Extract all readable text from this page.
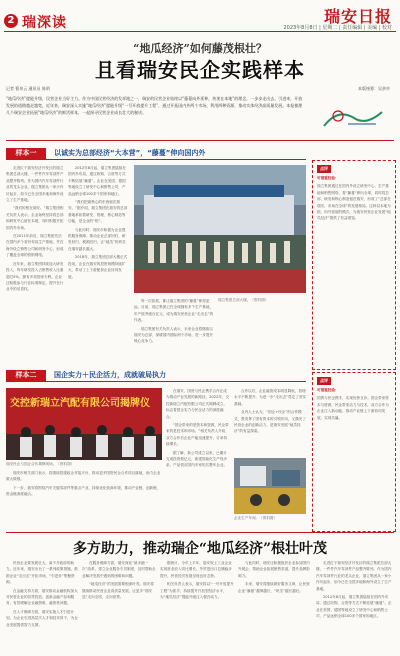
2 瑞深读	瑞安日报
2023年8月8日 | 星期二 | 责任编辑 | 美编 | 校对
“地瓜经济”如何藤茂根壮？
且看瑞安民企实践样本
记者 曹泉云 通讯员 陈明	本版统筹：吴余亭
“地瓜经济”提能升级，民营企业当好主力。作为中国民营经济的发祥地之一，瑞安的民营企业始终以“藤蔓向外延伸，块茎在本地”的理念，一步步走出去、引进来，开放发展的道路越走越宽。近年来，瑞安深入实施“地瓜经济”提能升级“一号开放提升工程”，通过开拓国内外两个市场、利用两种资源，推动实体经济高质量发展。本报梳理几个瑞安企业拓展“地瓜经济”的鲜活样本，一起探寻民营企业成长壮大的秘诀。
样本一	以诚实为总部经济“大本营”，“藤蔓”伸向国内外

走进位于瑞安经济开发区的瑞立集团总部大楼，一件件汽车零部件产品整齐陈列。作为国内汽车零部件行业的龙头企业，瑞立集团从一家小作坊起步，如今已在全国多地和海外设立了生产基地。

“我们的根在瑞安。”瑞立集团相关负责人表示，企业始终坚持将总部和研发中心留在本地，同时积极开拓国内外市场。

在2011年前后，瑞立集团先后在国内多个省份布局生产基地，并在海外设立销售公司和研发中心，形成了覆盖全球的营销网络。

近年来，瑞立集团持续加大研发投入，每年研发投入占销售收入比重超过5%，拥有多项国家专利。企业还积极参与行业标准制定，提升在行业中的话语权。

2012年8月起，瑞立集团陆续在国内外布局，通过收购、合资等方式不断拓展“藤蔓”。企业在美国、德国等地设立了研发中心和销售公司，产品远销全球100多个国家和地区。

“我们把最核心的东西留在瑞安。”据介绍，瑞立集团在瑞安的总部基地承担着研发、管理、核心制造等功能，是企业的“根”。

与此同时，瑞安市积极为企业提供服务保障，推动企业总部回归、研发回归、税源回归，让“地瓜”的块茎在瑞安越长越大。

2018年，瑞立集团总部大楼正式投用，企业在瑞安的投资规模持续扩大，带动了上下游配套企业协同发展。

每一次拓展，都让瑞立集团的“藤蔓”伸得更远。目前，瑞立集团已在全球拥有多个生产基地，年产值突破百亿元，成为瑞安民营企业“走出去”的代表。

瑞立集团有关负责人表示，未来企业将继续以瑞安为总部，深耕国内国际两个市场，进一步提升核心竞争力。

瑞立集团总部大楼。（资料图）
点评
可借鉴经验：
瑞立集团通过在国内外设立研发中心、生产基地和销售网络，将“藤蔓”伸向全球，同时将总部、研发和核心制造留在瑞安，形成了“总部在瑞安，市场在全球”的发展格局。这种以本地为根、向外拓展的模式，为瑞安民营企业发展“地瓜经济”提供了有益借鉴。
样本二	国企实力＋民企活力，成就破局执力
交控新瑞立汽配有限公司揭牌仪
瑞安民企与国企合作揭牌现场。（资料图）

在瑞安，国资与民企携手合作正成为推动产业发展的新路径。2022年，交控新瑞立汽配有限公司正式揭牌成立，标志着国企实力与民企活力的深度融合。

“国企带来的是资本和资源，民企带来的是技术和市场。”相关负责人介绍，双方合作后企业产能迅速提升，订单持续增长。

据了解，新公司成立以来，已累计完成投资数亿元，新建智能化生产线多条，产品供应国内多家知名整车企业。

合作以后，企业融资成本明显降低，管理水平不断提升，为进一步“走出去”奠定了坚实基础。

业内人士认为，“国企+民企”的合作模式，既发挥了国有资本的引领作用，又激发了民营企业的创新活力，是瑞安发展“地瓜经济”的有益探索。

企业生产车间。（资料图）

瑞安市相关部门表示，将继续搭建政企对接平台，推动更多国资民企合作项目落地，助力企业做大做强。

下一步，瑞安将围绕汽车关键零部件等重点产业，持续优化营商环境，推动产业链、创新链、资金链深度融合。

点评
可借鉴经验：
国资与民企携手，实现优势互补。国企带来资本与资源，民企带来活力与技术，双方合作为企业注入新动能，推动产业链上下游协同发展，实现共赢。
多方助力，推动瑞企“地瓜经济”根壮叶茂

民营企业要发展壮大，离不开政府的助力。近年来，瑞安出台了一系列政策措施，鼓励企业“走出去”开拓市场，“引进来”集聚资源。

在金融支持方面，瑞安推动金融机构加大对民营企业的信贷投放，创新金融产品和服务，有效缓解企业融资难、融资贵问题。

在人才保障方面，瑞安实施人才引进计划，为企业引进高层次人才和技术骨干，为企业发展提供智力支撑。

在服务保障方面，瑞安深化“最多跑一次”改革，建立企业服务专员制度，及时帮助企业解决发展中遇到的困难和问题。

“地瓜经济”的发展需要根深叶茂。瑞安将继续推动民营企业高质量发展，让更多“瑞安造”走向全国、走向世界。

据统计，今年上半年，瑞安规上工业企业实现营业收入同比增长，外贸进出口总额稳步提升，民营经济发展呈现良好态势。

相关负责人表示，瑞安将以“一号开放提升工程”为抓手，持续提升开放型经济水平，为“地瓜经济”提能升级注入强劲动力。

与此同时，瑞安还积极组织企业参加国内外展会，帮助企业拓展销售渠道，提升品牌影响力。

未来，瑞安将继续做好服务文章，让民营企业“藤蔓”越伸越长、“块茎”越长越壮。

走进位于瑞安经济开发区的瑞立集团总部大楼，一件件汽车零部件产品整齐陈列。作为国内汽车零部件行业的龙头企业，瑞立集团从一家小作坊起步，如今已在全国多地和海外设立了生产基地。

2012年8月起，瑞立集团陆续在国内外布局，通过收购、合资等方式不断拓展“藤蔓”。企业在美国、德国等地设立了研发中心和销售公司，产品远销全球100多个国家和地区。
